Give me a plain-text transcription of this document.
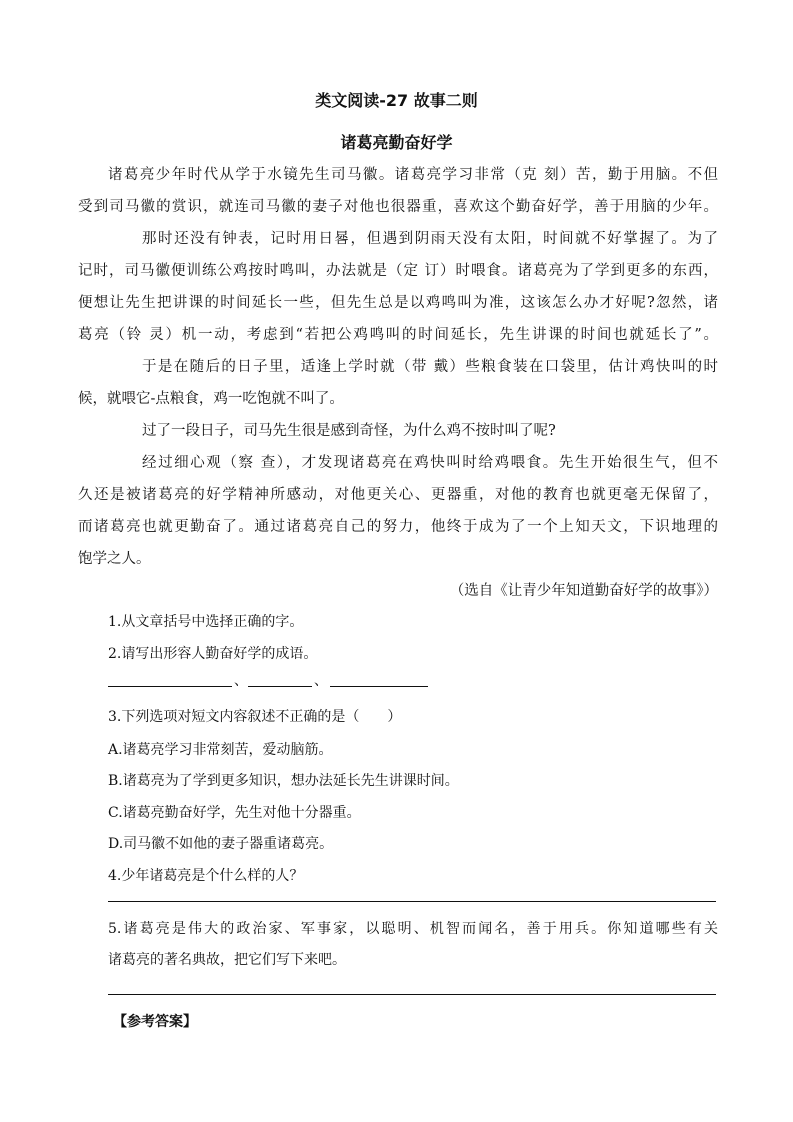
类文阅读-27 故事二则
诸葛亮勤奋好学
诸葛亮少年时代从学于水镜先生司马徽。诸葛亮学习非常（克 刻）苦，勤于用脑。不但
受到司马徽的赏识，就连司马徽的妻子对他也很器重，喜欢这个勤奋好学，善于用脑的少年。
那时还没有钟表，记时用日晷，但遇到阴雨天没有太阳，时间就不好掌握了。为了
记时，司马徽便训练公鸡按时鸣叫，办法就是（定 订）时喂食。诸葛亮为了学到更多的东西，
便想让先生把讲课的时间延长一些，但先生总是以鸡鸣叫为准，这该怎么办才好呢?忽然，诸
葛亮（铃 灵）机一动，考虑到“若把公鸡鸣叫的时间延长，先生讲课的时间也就延长了”。
于是在随后的日子里，适逢上学时就（带 戴）些粮食装在口袋里，估计鸡快叫的时
候，就喂它-点粮食，鸡一吃饱就不叫了。
过了一段日子，司马先生很是感到奇怪，为什么鸡不按时叫了呢?
经过细心观（察 查），才发现诸葛亮在鸡快叫时给鸡喂食。先生开始很生气，但不
久还是被诸葛亮的好学精神所感动，对他更关心、更器重，对他的教育也就更毫无保留了，
而诸葛亮也就更勤奋了。通过诸葛亮自己的努力，他终于成为了一个上知天文，下识地理的
饱学之人。
（选自《让青少年知道勤奋好学的故事》）
1.从文章括号中选择正确的字。
2.请写出形容人勤奋好学的成语。
、	、
3.下列选项对短文内容叙述不正确的是（　　）
A.诸葛亮学习非常刻苦，爱动脑筋。
B.诸葛亮为了学到更多知识，想办法延长先生讲课时间。
C.诸葛亮勤奋好学，先生对他十分器重。
D.司马徽不如他的妻子器重诸葛亮。
4.少年诸葛亮是个什么样的人？
5.诸葛亮是伟大的政治家、军事家，以聪明、机智而闻名，善于用兵。你知道哪些有关
诸葛亮的著名典故，把它们写下来吧。
【参考答案】
